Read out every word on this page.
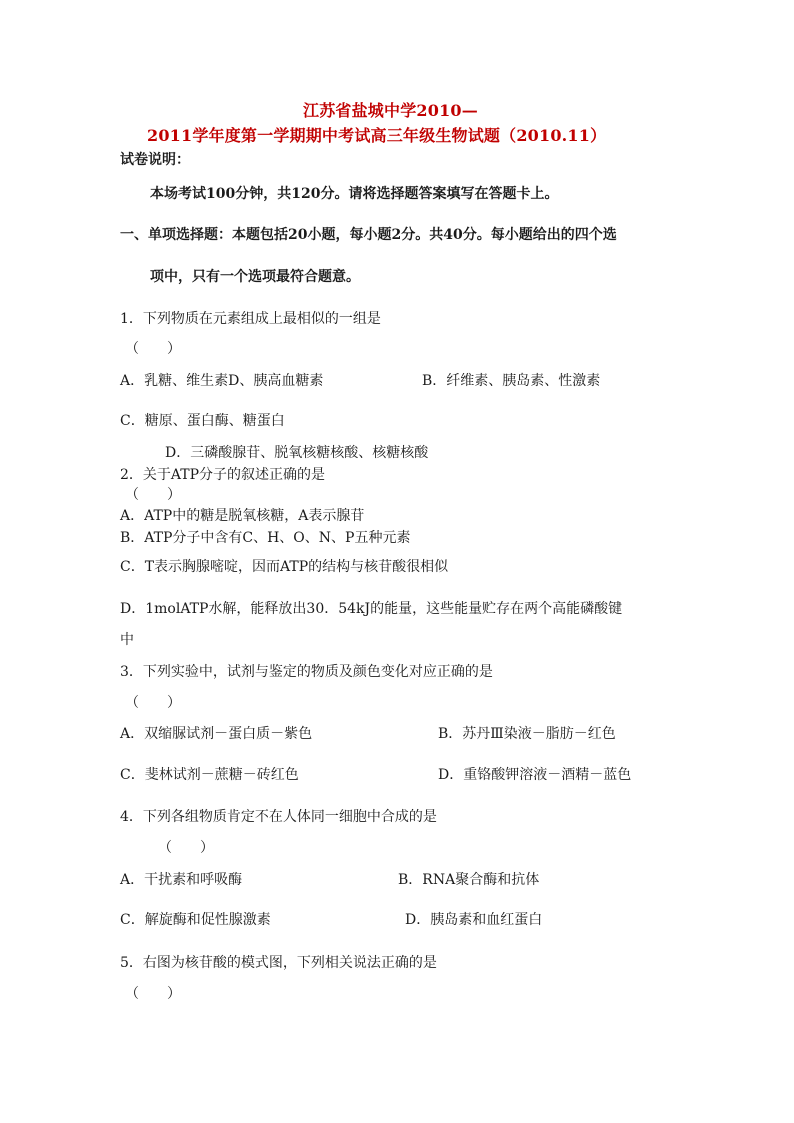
江苏省盐城中学2010—
2011学年度第一学期期中考试高三年级生物试题（2010.11）
试卷说明：
本场考试100分钟，共120分。请将选择题答案填写在答题卡上。
一、单项选择题：本题包括20小题，每小题2分。共40分。每小题给出的四个选
项中，只有一个选项最符合题意。
1．下列物质在元素组成上最相似的一组是
（　　）
A．乳糖、维生素D、胰高血糖素	B．纤维素、胰岛素、性激素
C．糖原、蛋白酶、糖蛋白
D．三磷酸腺苷、脱氧核糖核酸、核糖核酸
2．关于ATP分子的叙述正确的是
（　　）
A．ATP中的糖是脱氧核糖，A表示腺苷
B．ATP分子中含有C、H、O、N、P五种元素
C．T表示胸腺嘧啶，因而ATP的结构与核苷酸很相似
D．1molATP水解，能释放出30．54kJ的能量，这些能量贮存在两个高能磷酸键
中
3．下列实验中，试剂与鉴定的物质及颜色变化对应正确的是
（　　）
A．双缩脲试剂－蛋白质－紫色	B．苏丹Ⅲ染液－脂肪－红色
C．斐林试剂－蔗糖－砖红色	D．重铬酸钾溶液－酒精－蓝色
4．下列各组物质肯定不在人体同一细胞中合成的是
（　　）
A．干扰素和呼吸酶	B．RNA聚合酶和抗体
C．解旋酶和促性腺激素	D．胰岛素和血红蛋白
5．右图为核苷酸的模式图，下列相关说法正确的是
（　　）
